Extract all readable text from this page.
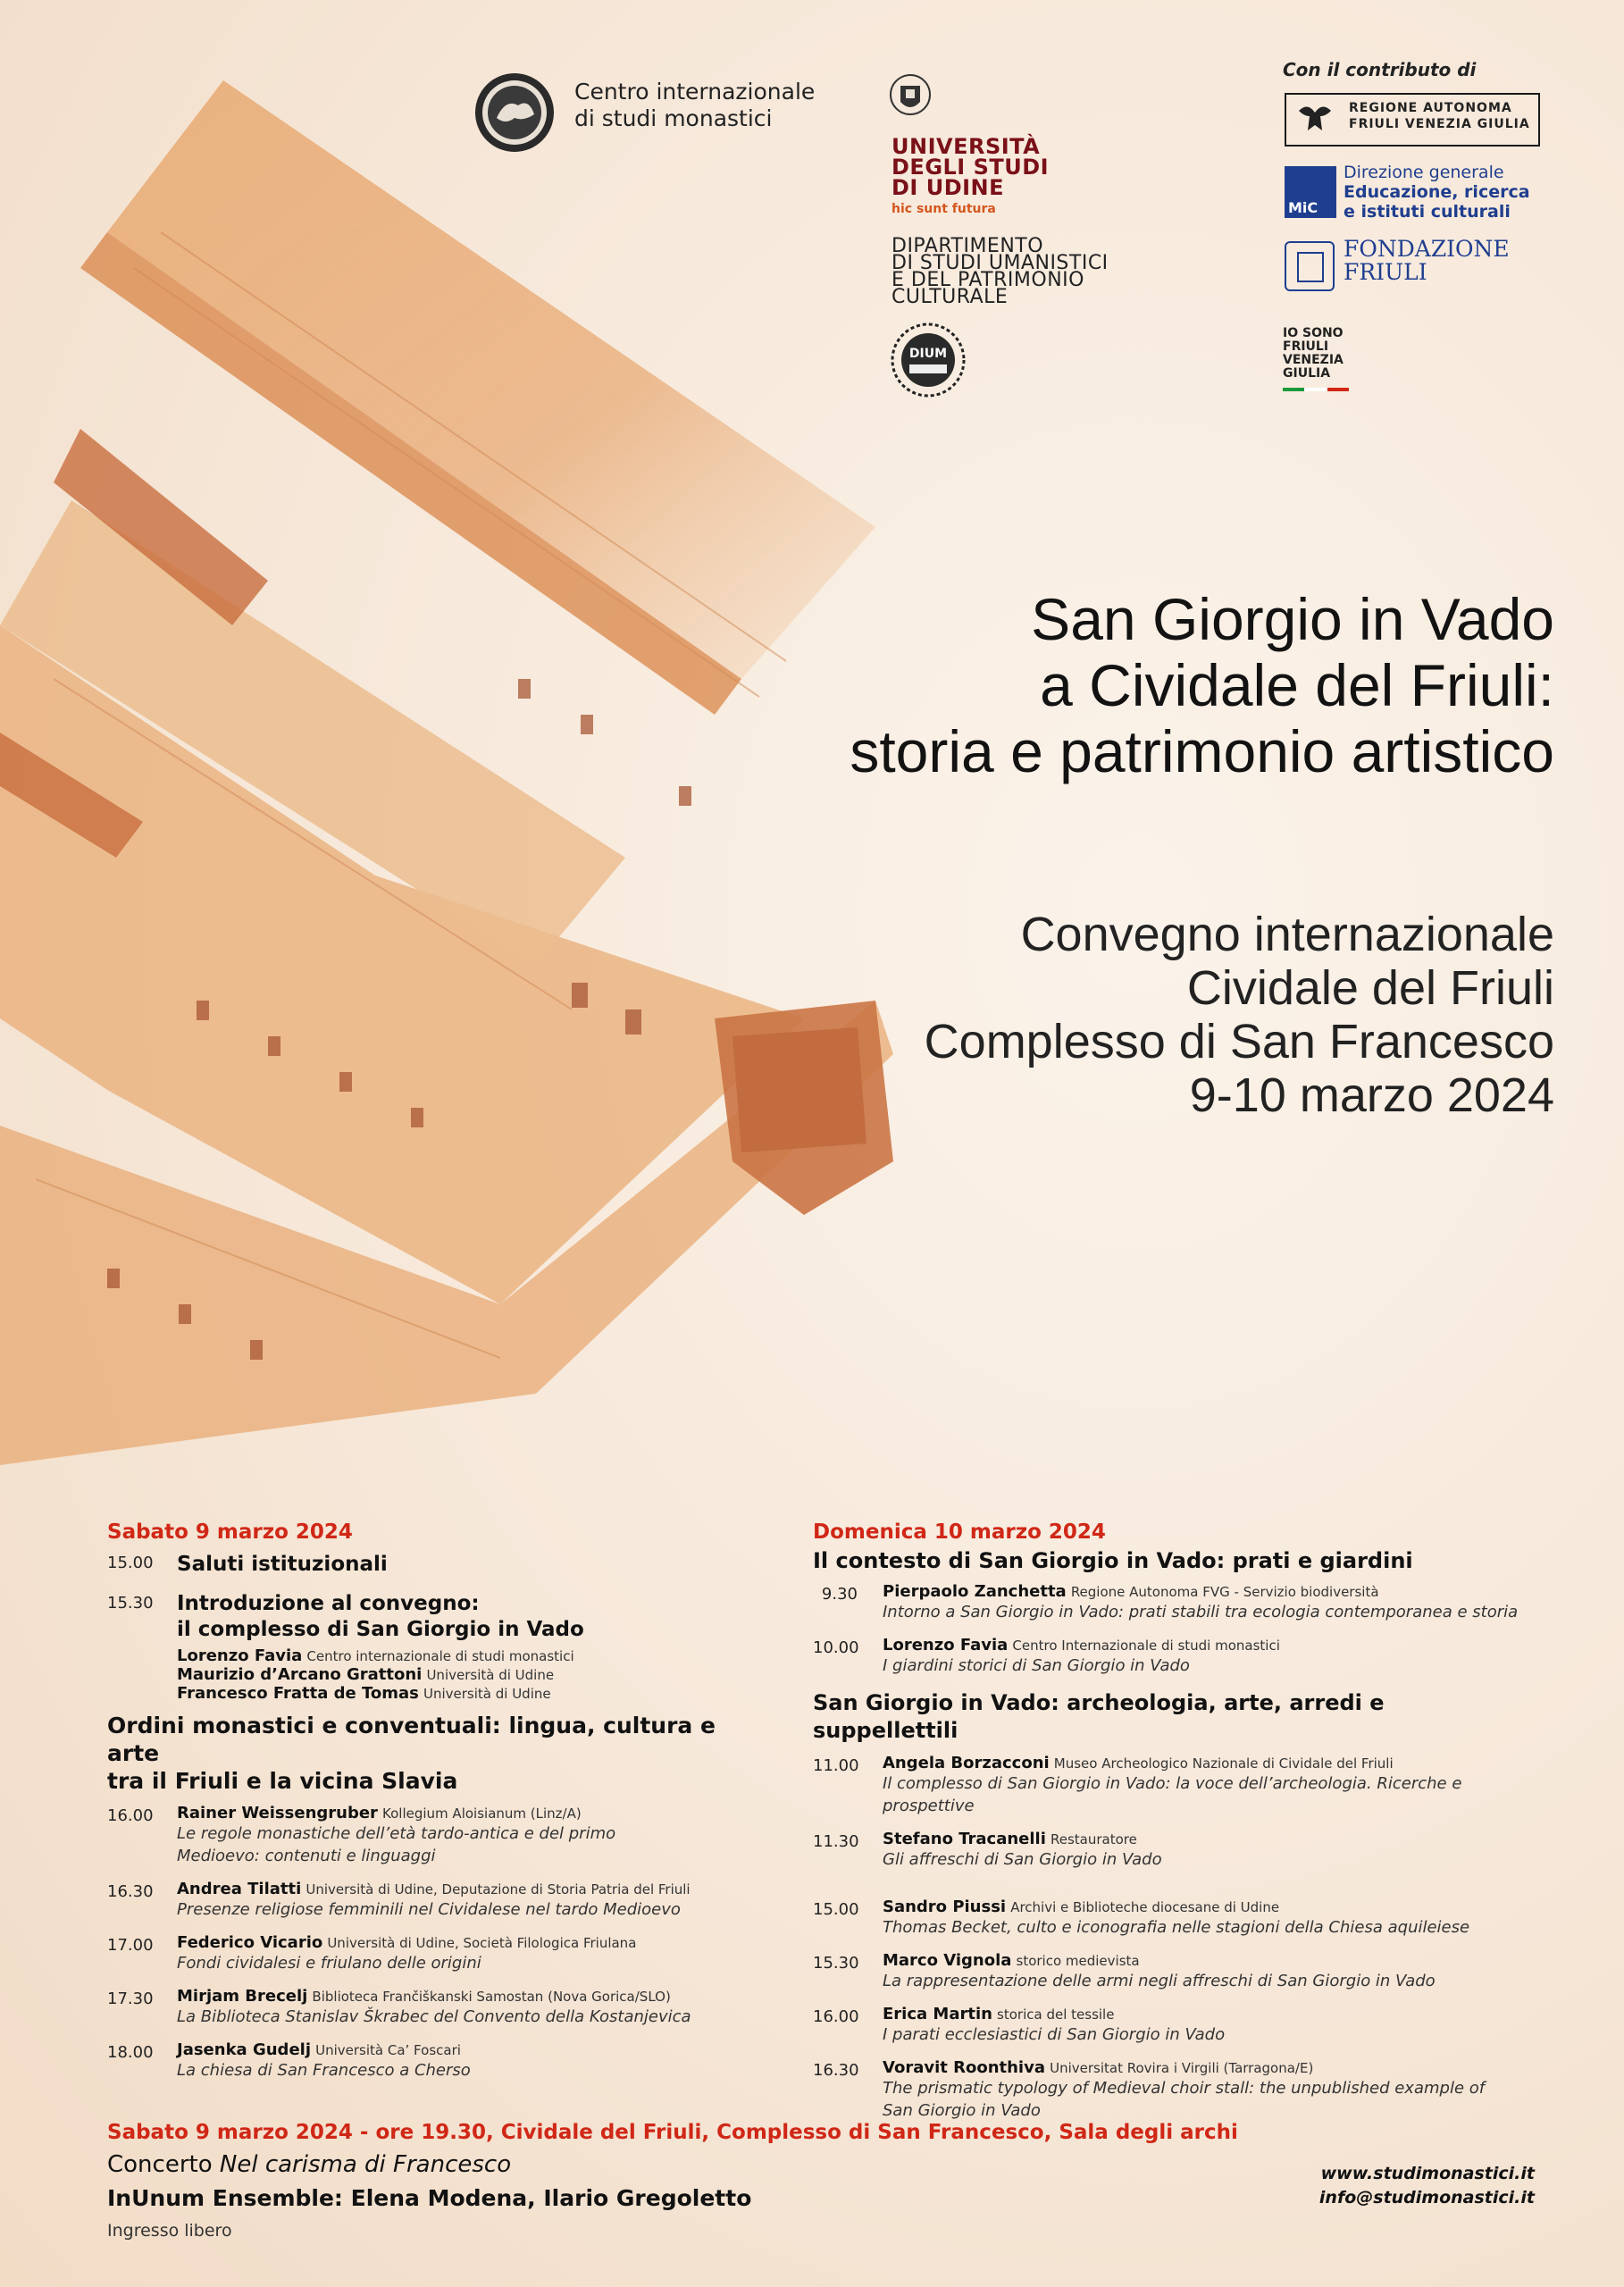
Centro internazionale
di studi monastici
UNIVERSITÀ
DEGLI STUDI
DI UDINE
hic sunt futura
DIPARTIMENTO
DI STUDI UMANISTICI
E DEL PATRIMONIO
CULTURALE
DIUM
Con il contributo di
REGIONE AUTONOMA
FRIULI VENEZIA GIULIA
MiC
Direzione generale
Educazione, ricerca
e istituti culturali
FONDAZIONE
FRIULI
IO SONO
FRIULI
VENEZIA
GIULIA
San Giorgio in Vado
a Cividale del Friuli:
storia e patrimonio artistico
Convegno internazionale
Cividale del Friuli
Complesso di San Francesco
9-10 marzo 2024
Sabato 9 marzo 2024
15.00	Saluti istituzionali
15.30	Introduzione al convegno:
il complesso di San Giorgio in Vado
Lorenzo Favia Centro internazionale di studi monastici
Maurizio d’Arcano Grattoni Università di Udine
Francesco Fratta de Tomas Università di Udine
Ordini monastici e conventuali: lingua, cultura e arte
tra il Friuli e la vicina Slavia
16.00	Rainer Weissengruber Kollegium Aloisianum (Linz/A)
Le regole monastiche dell’età tardo-antica e del primo
Medioevo: contenuti e linguaggi
16.30	Andrea Tilatti Università di Udine, Deputazione di Storia Patria del Friuli
Presenze religiose femminili nel Cividalese nel tardo Medioevo
17.00	Federico Vicario Università di Udine, Società Filologica Friulana
Fondi cividalesi e friulano delle origini
17.30	Mirjam Brecelj Biblioteca Frančiškanski Samostan (Nova Gorica/SLO)
La Biblioteca Stanislav Škrabec del Convento della Kostanjevica
18.00	Jasenka Gudelj Università Ca’ Foscari
La chiesa di San Francesco a Cherso
Domenica 10 marzo 2024
Il contesto di San Giorgio in Vado: prati e giardini
9.30	Pierpaolo Zanchetta Regione Autonoma FVG - Servizio biodiversità
Intorno a San Giorgio in Vado: prati stabili tra ecologia contemporanea e storia
10.00	Lorenzo Favia Centro Internazionale di studi monastici
I giardini storici di San Giorgio in Vado
San Giorgio in Vado: archeologia, arte, arredi e suppellettili
11.00	Angela Borzacconi Museo Archeologico Nazionale di Cividale del Friuli
Il complesso di San Giorgio in Vado: la voce dell’archeologia. Ricerche e prospettive
11.30	Stefano Tracanelli Restauratore
Gli affreschi di San Giorgio in Vado
15.00	Sandro Piussi Archivi e Biblioteche diocesane di Udine
Thomas Becket, culto e iconografia nelle stagioni della Chiesa aquileiese
15.30	Marco Vignola storico medievista
La rappresentazione delle armi negli affreschi di San Giorgio in Vado
16.00	Erica Martin storica del tessile
I parati ecclesiastici di San Giorgio in Vado
16.30	Voravit Roonthiva Universitat Rovira i Virgili (Tarragona/E)
The prismatic typology of Medieval choir stall: the unpublished example of
San Giorgio in Vado
Sabato 9 marzo 2024 - ore 19.30, Cividale del Friuli, Complesso di San Francesco, Sala degli archi
Concerto Nel carisma di Francesco
InUnum Ensemble: Elena Modena, Ilario Gregoletto
Ingresso libero
www.studimonastici.it
info@studimonastici.it
